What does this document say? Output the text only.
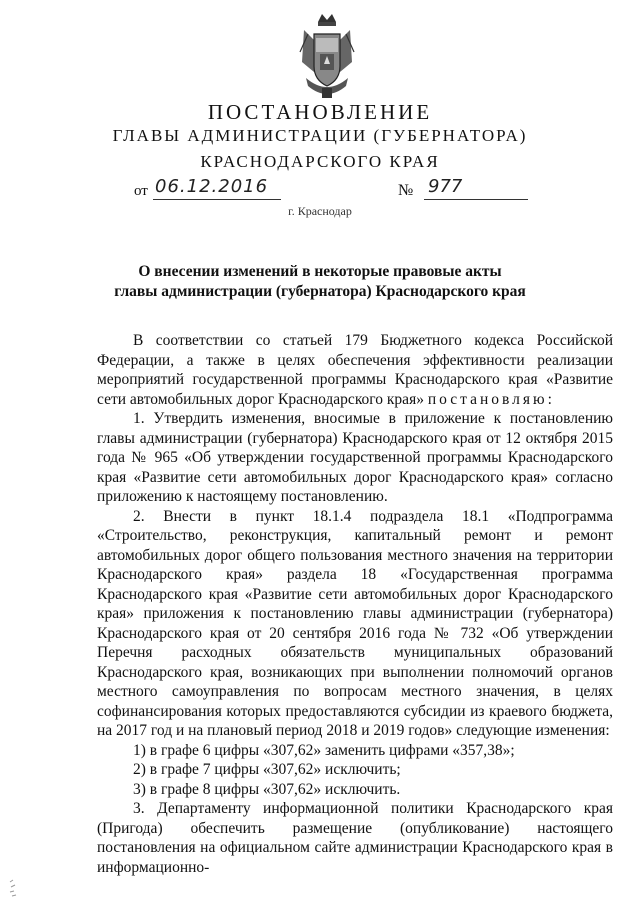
ПОСТАНОВЛЕНИЕ
ГЛАВЫ АДМИНИСТРАЦИИ (ГУБЕРНАТОРА)
КРАСНОДАРСКОГО КРАЯ
от 06.12.2016	№ 977
г. Краснодар
О внесении изменений в некоторые правовые акты
главы администрации (губернатора) Краснодарского края

В соответствии со статьей 179 Бюджетного кодекса Российской Федерации, а также в целях обеспечения эффективности реализации мероприятий государственной программы Краснодарского края «Развитие сети автомобильных дорог Краснодарского края» постановляю:

1. Утвердить изменения, вносимые в приложение к постановлению главы администрации (губернатора) Краснодарского края от 12 октября 2015 года № 965 «Об утверждении государственной программы Краснодарского края «Развитие сети автомобильных дорог Краснодарского края» согласно приложению к настоящему постановлению.

2. Внести в пункт 18.1.4 подраздела 18.1 «Подпрограмма «Строительство, реконструкция, капитальный ремонт и ремонт автомобильных дорог общего пользования местного значения на территории Краснодарского края» раздела 18 «Государственная программа Краснодарского края «Развитие сети автомобильных дорог Краснодарского края» приложения к постановлению главы администрации (губернатора) Краснодарского края от 20 сентября 2016 года № 732 «Об утверждении Перечня расходных обязательств муниципальных образований Краснодарского края, возникающих при выполнении полномочий органов местного самоуправления по вопросам местного значения, в целях софинансирования которых предоставляются субсидии из краевого бюджета, на 2017 год и на плановый период 2018 и 2019 годов» следующие изменения:

1) в графе 6 цифры «307,62» заменить цифрами «357,38»;

2) в графе 7 цифры «307,62» исключить;

3) в графе 8 цифры «307,62» исключить.

3. Департаменту информационной политики Краснодарского края (Пригода) обеспечить размещение (опубликование) настоящего постановления на официальном сайте администрации Краснодарского края в информационно-
